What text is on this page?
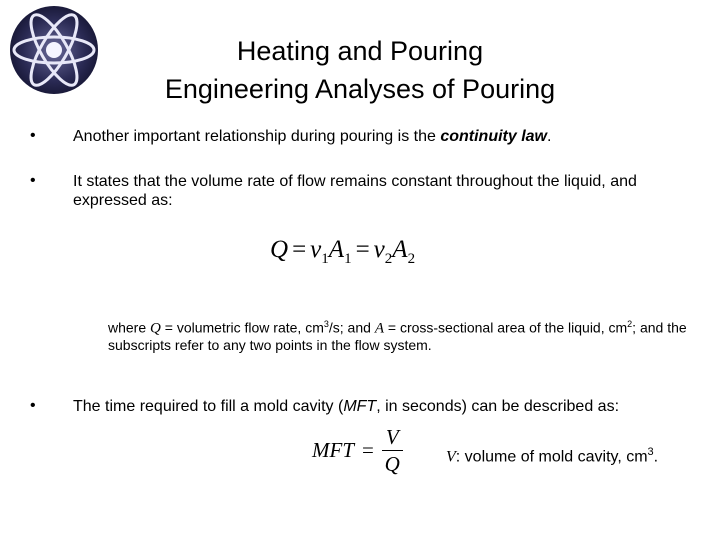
Heating and Pouring
Engineering Analyses of Pouring
• Another important relationship during pouring is the continuity law.
• It states that the volume rate of flow remains constant throughout the liquid, and expressed as:
$Q = v_1A_1 = v_2A_2$
where Q = volumetric flow rate, $cm^3/s$; and A = cross-sectional area of the liquid, $cm^2$; and the subscripts refer to any two points in the flow system.
• The time required to fill a mold cavity (MFT, in seconds) can be described as:
MFT = $\frac{V}{Q}$	V: volume of mold cavity, $cm^3$.
